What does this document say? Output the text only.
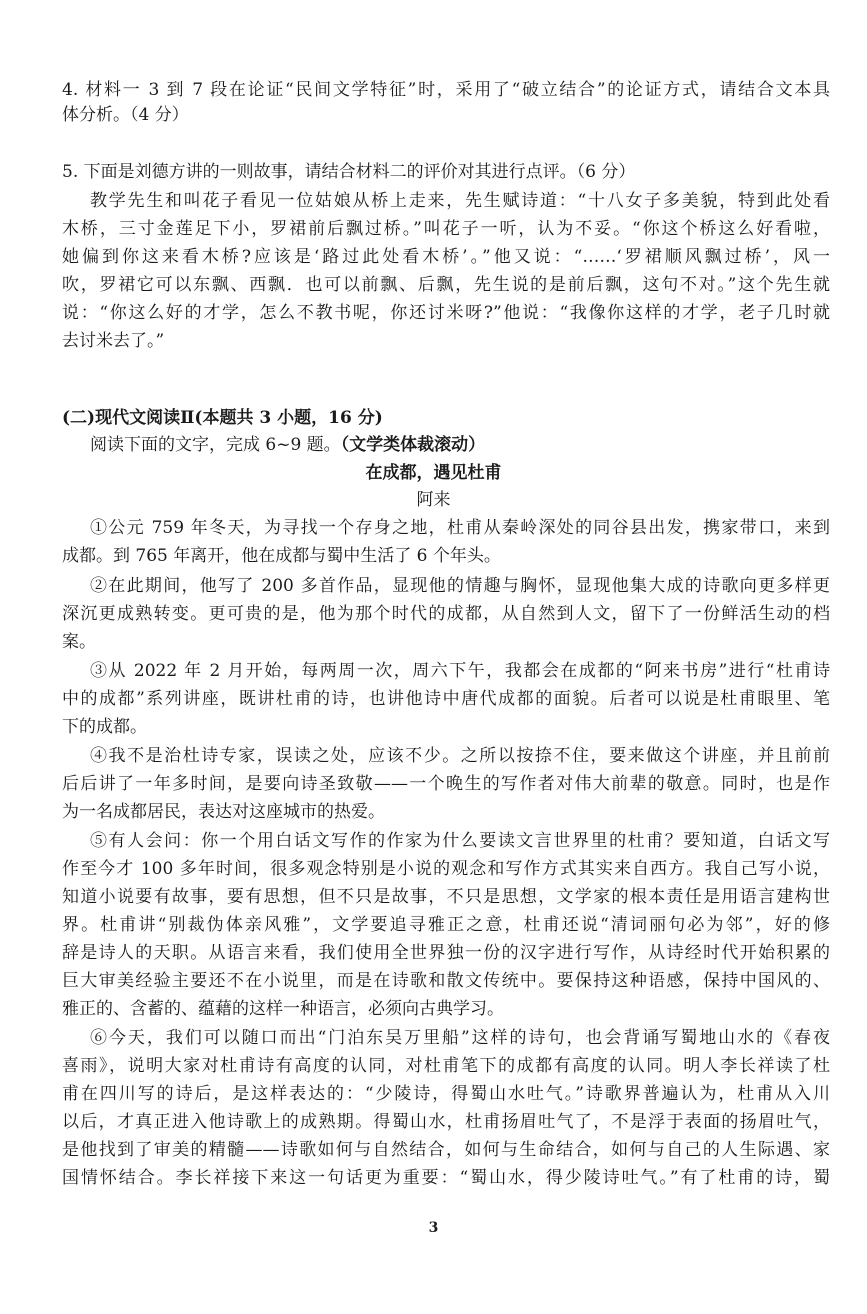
4. 材料一 3 到 7 段在论证“民间文学特征”时，采用了“破立结合”的论证方式，请结合文本具
体分析。（4 分）
5. 下面是刘德方讲的一则故事，请结合材料二的评价对其进行点评。（6 分）
教学先生和叫花子看见一位姑娘从桥上走来，先生赋诗道：“十八女子多美貌，特到此处看
木桥，三寸金莲足下小，罗裙前后飘过桥。”叫花子一听，认为不妥。“你这个桥这么好看啦，
她偏到你这来看木桥?应该是‘路过此处看木桥’。”他又说：“……‘罗裙顺风飘过桥’，风一
吹，罗裙它可以东飘、西飘．也可以前飘、后飘，先生说的是前后飘，这句不对。”这个先生就
说：“你这么好的才学，怎么不教书呢，你还讨米呀?”他说：“我像你这样的才学，老子几时就
去讨米去了。”
(二)现代文阅读Ⅱ(本题共 3 小题，16 分)
阅读下面的文字，完成 6~9 题。（文学类体裁滚动）
在成都，遇见杜甫
阿来
①公元 759 年冬天，为寻找一个存身之地，杜甫从秦岭深处的同谷县出发，携家带口，来到
成都。到 765 年离开，他在成都与蜀中生活了 6 个年头。
②在此期间，他写了 200 多首作品，显现他的情趣与胸怀，显现他集大成的诗歌向更多样更
深沉更成熟转变。更可贵的是，他为那个时代的成都，从自然到人文，留下了一份鲜活生动的档
案。
③从 2022 年 2 月开始，每两周一次，周六下午，我都会在成都的“阿来书房”进行“杜甫诗
中的成都”系列讲座，既讲杜甫的诗，也讲他诗中唐代成都的面貌。后者可以说是杜甫眼里、笔
下的成都。
④我不是治杜诗专家，误读之处，应该不少。之所以按捺不住，要来做这个讲座，并且前前
后后讲了一年多时间，是要向诗圣致敬——一个晚生的写作者对伟大前辈的敬意。同时，也是作
为一名成都居民，表达对这座城市的热爱。
⑤有人会问：你一个用白话文写作的作家为什么要读文言世界里的杜甫？要知道，白话文写
作至今才 100 多年时间，很多观念特别是小说的观念和写作方式其实来自西方。我自己写小说，
知道小说要有故事，要有思想，但不只是故事，不只是思想，文学家的根本责任是用语言建构世
界。杜甫讲“别裁伪体亲风雅”，文学要追寻雅正之意，杜甫还说“清词丽句必为邻”，好的修
辞是诗人的天职。从语言来看，我们使用全世界独一份的汉字进行写作，从诗经时代开始积累的
巨大审美经验主要还不在小说里，而是在诗歌和散文传统中。要保持这种语感，保持中国风的、
雅正的、含蓄的、蕴藉的这样一种语言，必须向古典学习。
⑥今天，我们可以随口而出“门泊东吴万里船”这样的诗句，也会背诵写蜀地山水的《春夜
喜雨》，说明大家对杜甫诗有高度的认同，对杜甫笔下的成都有高度的认同。明人李长祥读了杜
甫在四川写的诗后，是这样表达的：“少陵诗，得蜀山水吐气。”诗歌界普遍认为，杜甫从入川
以后，才真正进入他诗歌上的成熟期。得蜀山水，杜甫扬眉吐气了，不是浮于表面的扬眉吐气，
是他找到了审美的精髓——诗歌如何与自然结合，如何与生命结合，如何与自己的人生际遇、家
国情怀结合。李长祥接下来这一句话更为重要：“蜀山水，得少陵诗吐气。”有了杜甫的诗，蜀
3
